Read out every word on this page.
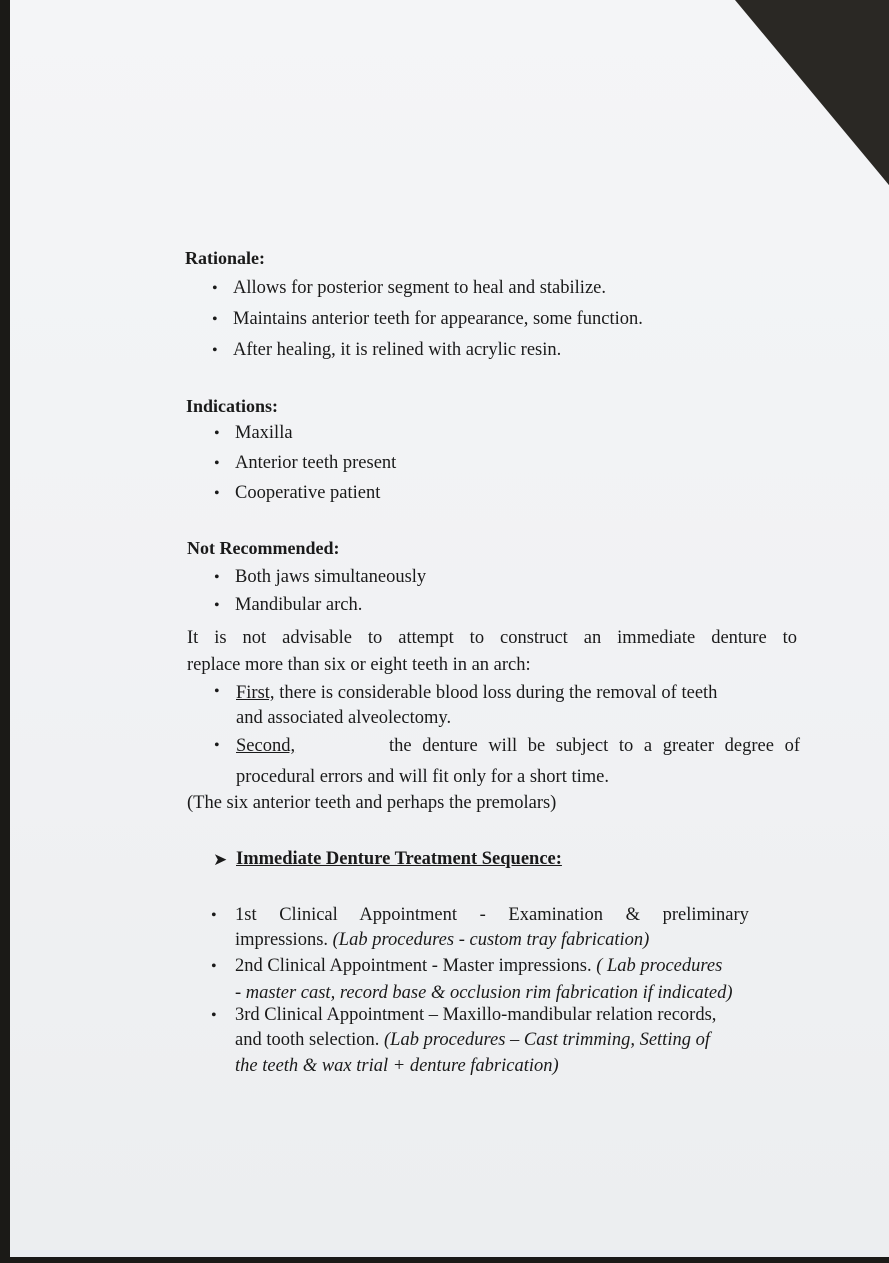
Rationale:
• Allows for posterior segment to heal and stabilize.
• Maintains anterior teeth for appearance, some function.
• After healing, it is relined with acrylic resin.
Indications:
• Maxilla
• Anterior teeth present
• Cooperative patient
Not Recommended:
• Both jaws simultaneously
• Mandibular arch.
It is not advisable to attempt to construct an immediate denture to
replace more than six or eight teeth in an arch:
• First, there is considerable blood loss during the removal of teeth
and associated alveolectomy.
• Second,	the denture will be subject to a greater degree of
procedural errors and will fit only for a short time.
(The six anterior teeth and perhaps the premolars)
➤ Immediate Denture Treatment Sequence:
• 1st Clinical Appointment - Examination & preliminary
impressions. (Lab procedures - custom tray fabrication)
• 2nd Clinical Appointment - Master impressions. ( Lab procedures
- master cast, record base & occlusion rim fabrication if indicated)
• 3rd Clinical Appointment – Maxillo-mandibular relation records,
and tooth selection. (Lab procedures – Cast trimming, Setting of
the teeth & wax trial + denture fabrication)
